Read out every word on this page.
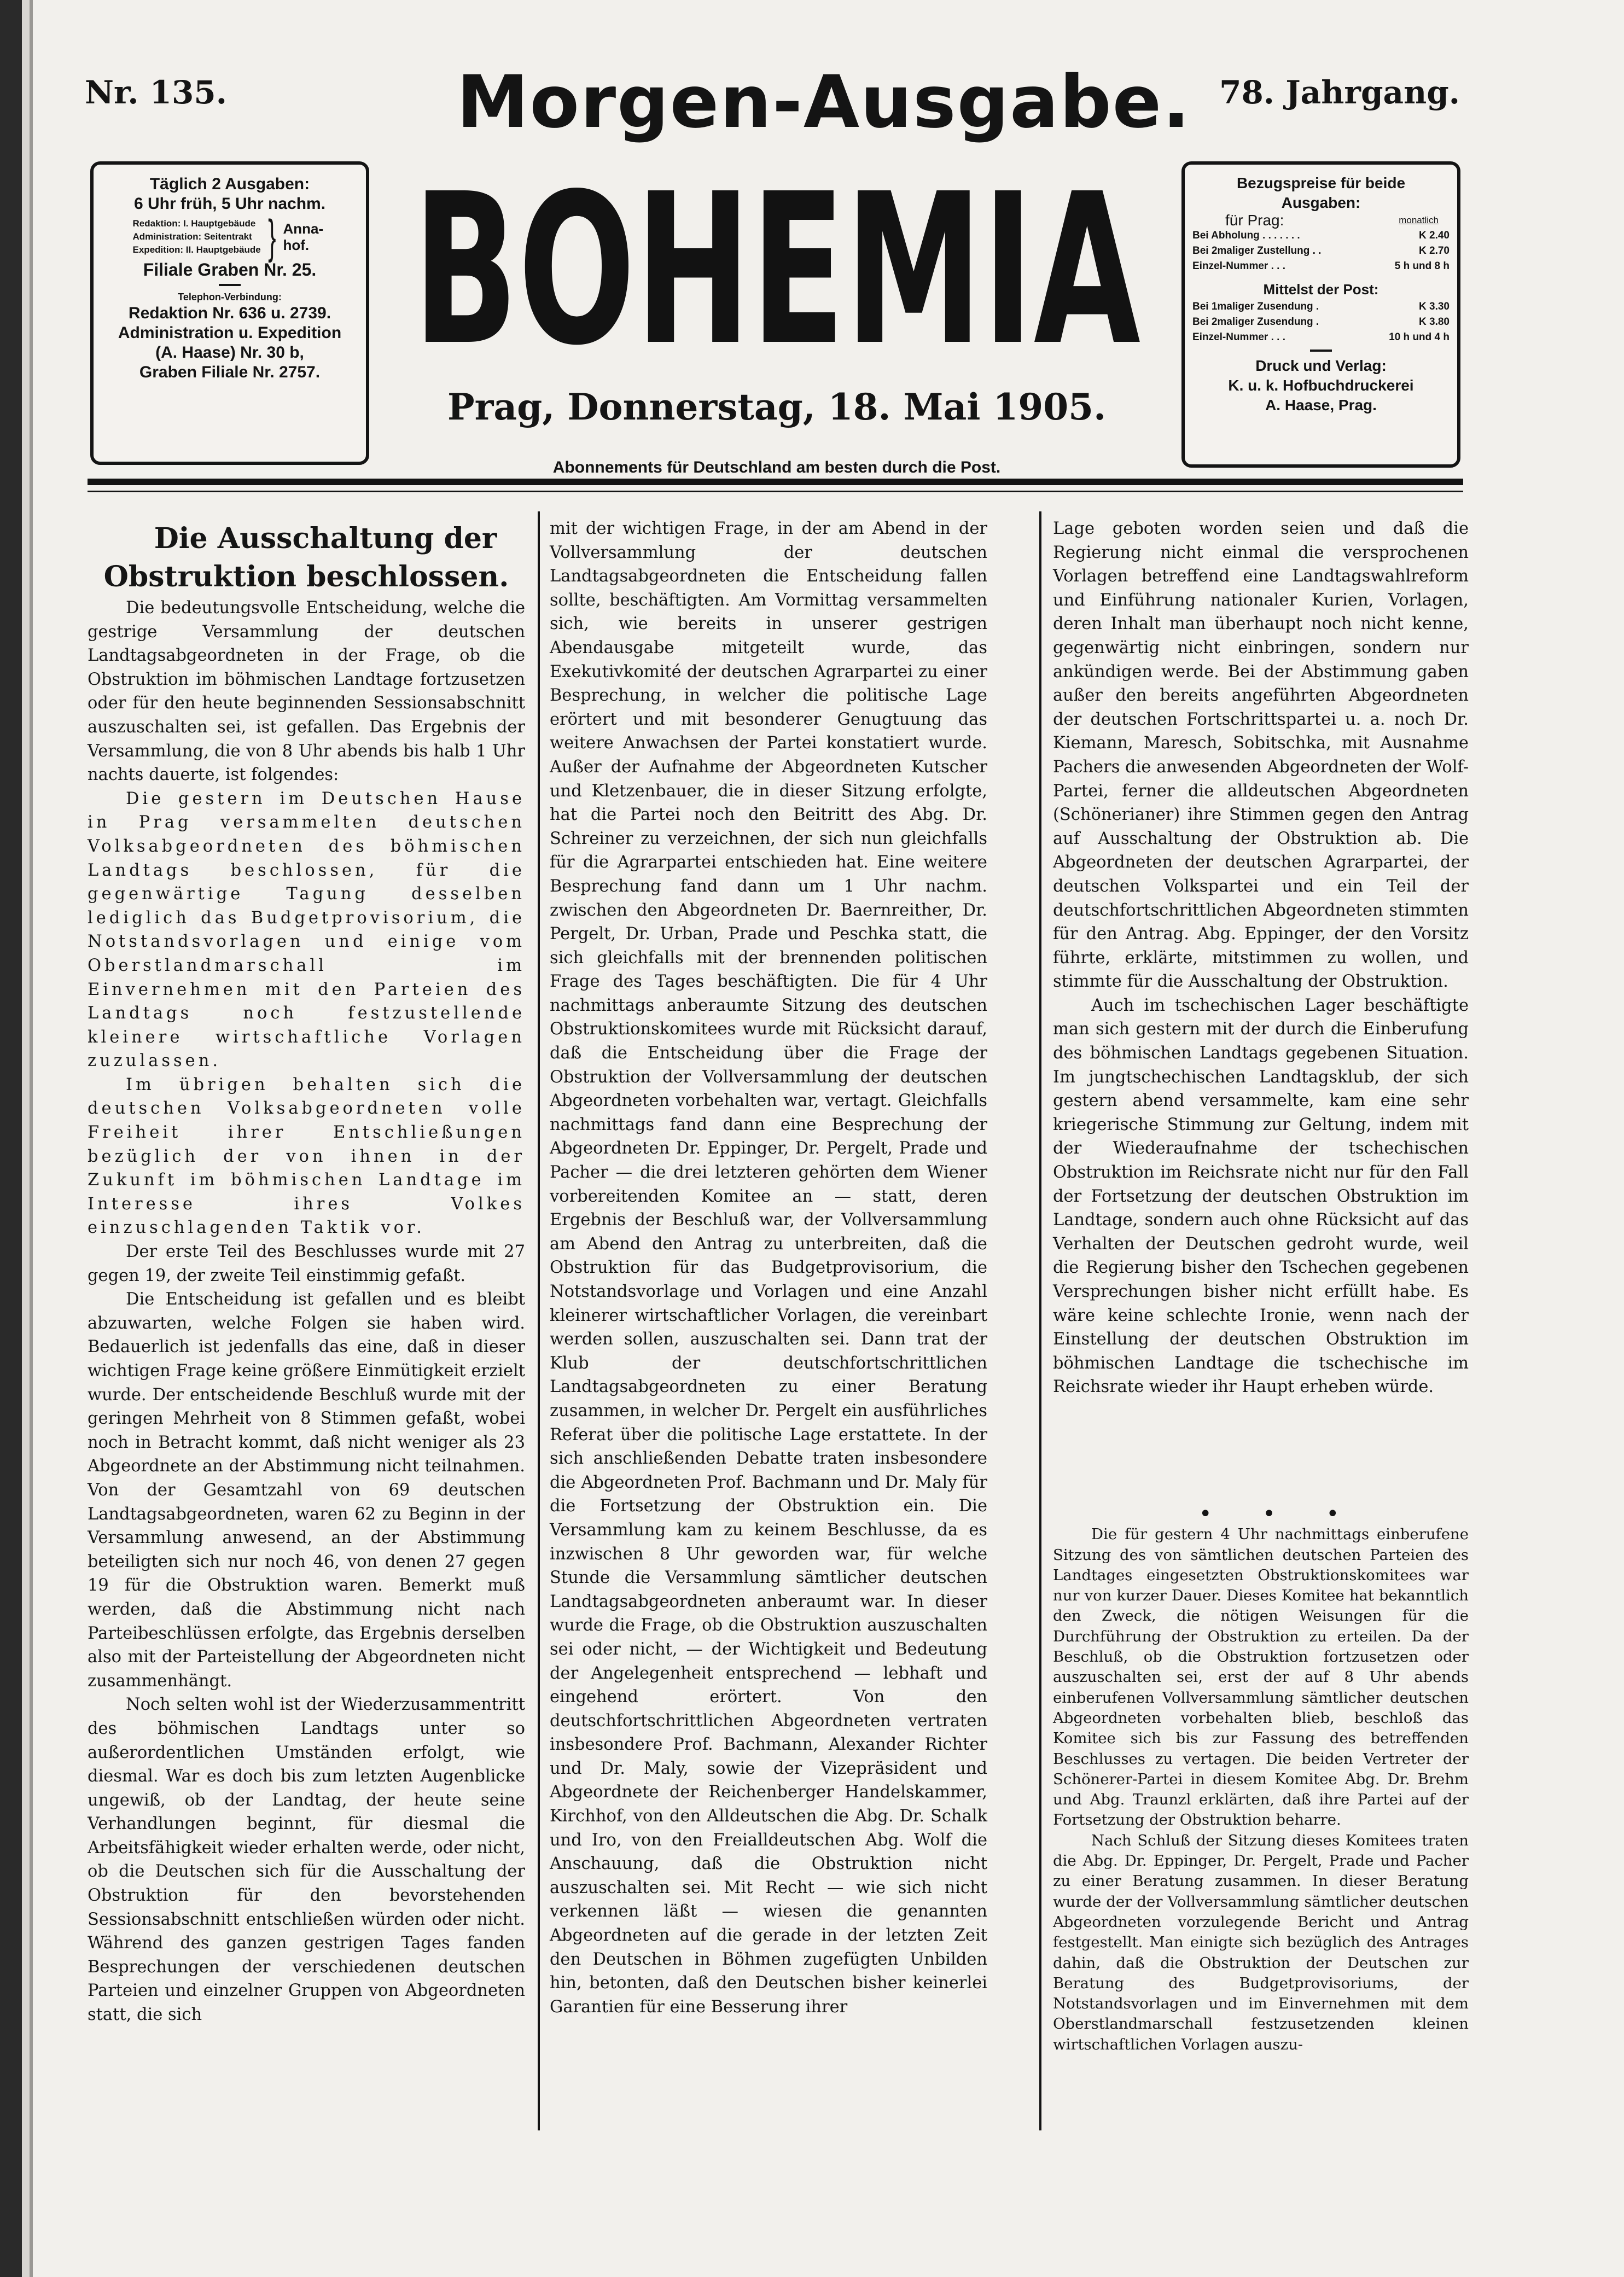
Nr. 135.	Morgen-Ausgabe. 78. Jahrgang.
Täglich 2 Ausgaben:
6 Uhr früh, 5 Uhr nachm.
Redaktion: I. Hauptgebäude
Administration: Seitentrakt
Expedition: II. Hauptgebäude } Anna-hof.
Filiale Graben Nr. 25.
Telephon-Verbindung:
Redaktion Nr. 636 u. 2739.
Administration u. Expedition
(A. Haase) Nr. 30 b,
Graben Filiale Nr. 2757. BOHEMIA
Prag, Donnerstag, 18. Mai 1905.
Bezugspreise für beide
Ausgaben:
für Prag:	monatlich
Bei Abholung . . . . . . .	K 2.40
Bei 2maliger Zustellung . .	K 2.70
Einzel-Nummer . . .	5 h und 8 h
Mittelst der Post:
Bei 1maliger Zusendung .	K 3.30
Bei 2maliger Zusendung .	K 3.80
Einzel-Nummer . . .	10 h und 4 h
Druck und Verlag:
K. u. k. Hofbuchdruckerei
A. Haase, Prag.
Abonnements für Deutschland am besten durch die Post.

Die Ausschaltung der Obstruktion beschlossen.

Die bedeutungsvolle Entscheidung, welche die gestrige Versammlung der deutschen Landtagsabgeordneten in der Frage, ob die Obstruktion im böhmischen Landtage fortzusetzen oder für den heute beginnenden Sessionsabschnitt auszuschalten sei, ist gefallen. Das Ergebnis der Versammlung, die von 8 Uhr abends bis halb 1 Uhr nachts dauerte, ist folgendes:

Die gestern im Deutschen Hause in Prag versammelten deutschen Volksabgeordneten des böhmischen Landtags beschlossen, für die gegenwärtige Tagung desselben lediglich das Budgetprovisorium, die Notstandsvorlagen und einige vom Oberstlandmarschall im Einvernehmen mit den Parteien des Landtags noch festzustellende kleinere wirtschaftliche Vorlagen zuzulassen.

Im übrigen behalten sich die deutschen Volksabgeordneten volle Freiheit ihrer Entschließungen bezüglich der von ihnen in der Zukunft im böhmischen Landtage im Interesse ihres Volkes einzuschlagenden Taktik vor.

Der erste Teil des Beschlusses wurde mit 27 gegen 19, der zweite Teil einstimmig gefaßt.

Die Entscheidung ist gefallen und es bleibt abzuwarten, welche Folgen sie haben wird. Bedauerlich ist jedenfalls das eine, daß in dieser wichtigen Frage keine größere Einmütigkeit erzielt wurde. Der entscheidende Beschluß wurde mit der geringen Mehrheit von 8 Stimmen gefaßt, wobei noch in Betracht kommt, daß nicht weniger als 23 Abgeordnete an der Abstimmung nicht teilnahmen. Von der Gesamtzahl von 69 deutschen Landtagsabgeordneten, waren 62 zu Beginn in der Versammlung anwesend, an der Abstimmung beteiligten sich nur noch 46, von denen 27 gegen 19 für die Obstruktion waren. Bemerkt muß werden, daß die Abstimmung nicht nach Parteibeschlüssen erfolgte, das Ergebnis derselben also mit der Parteistellung der Abgeordneten nicht zusammenhängt.

Noch selten wohl ist der Wiederzusammentritt des böhmischen Landtags unter so außerordentlichen Umständen erfolgt, wie diesmal. War es doch bis zum letzten Augenblicke ungewiß, ob der Landtag, der heute seine Verhandlungen beginnt, für diesmal die Arbeitsfähigkeit wieder erhalten werde, oder nicht, ob die Deutschen sich für die Ausschaltung der Obstruktion für den bevorstehenden Sessionsabschnitt entschließen würden oder nicht. Während des ganzen gestrigen Tages fanden Besprechungen der verschiedenen deutschen Parteien und einzelner Gruppen von Abgeordneten statt, die sich

mit der wichtigen Frage, in der am Abend in der Vollversammlung der deutschen Landtagsabgeordneten die Entscheidung fallen sollte, beschäftigten. Am Vormittag versammelten sich, wie bereits in unserer gestrigen Abendausgabe mitgeteilt wurde, das Exekutivkomité der deutschen Agrarpartei zu einer Besprechung, in welcher die politische Lage erörtert und mit besonderer Genugtuung das weitere Anwachsen der Partei konstatiert wurde. Außer der Aufnahme der Abgeordneten Kutscher und Kletzenbauer, die in dieser Sitzung erfolgte, hat die Partei noch den Beitritt des Abg. Dr. Schreiner zu verzeichnen, der sich nun gleichfalls für die Agrarpartei entschieden hat. Eine weitere Besprechung fand dann um 1 Uhr nachm. zwischen den Abgeordneten Dr. Baernreither, Dr. Pergelt, Dr. Urban, Prade und Peschka statt, die sich gleichfalls mit der brennenden politischen Frage des Tages beschäftigten. Die für 4 Uhr nachmittags anberaumte Sitzung des deutschen Obstruktionskomitees wurde mit Rücksicht darauf, daß die Entscheidung über die Frage der Obstruktion der Vollversammlung der deutschen Abgeordneten vorbehalten war, vertagt. Gleichfalls nachmittags fand dann eine Besprechung der Abgeordneten Dr. Eppinger, Dr. Pergelt, Prade und Pacher — die drei letzteren gehörten dem Wiener vorbereitenden Komitee an — statt, deren Ergebnis der Beschluß war, der Vollversammlung am Abend den Antrag zu unterbreiten, daß die Obstruktion für das Budgetprovisorium, die Notstandsvorlage und Vorlagen und eine Anzahl kleinerer wirtschaftlicher Vorlagen, die vereinbart werden sollen, auszuschalten sei. Dann trat der Klub der deutschfortschrittlichen Landtagsabgeordneten zu einer Beratung zusammen, in welcher Dr. Pergelt ein ausführliches Referat über die politische Lage erstattete. In der sich anschließenden Debatte traten insbesondere die Abgeordneten Prof. Bachmann und Dr. Maly für die Fortsetzung der Obstruktion ein. Die Versammlung kam zu keinem Beschlusse, da es inzwischen 8 Uhr geworden war, für welche Stunde die Versammlung sämtlicher deutschen Landtagsabgeordneten anberaumt war. In dieser wurde die Frage, ob die Obstruktion auszuschalten sei oder nicht, — der Wichtigkeit und Bedeutung der Angelegenheit entsprechend — lebhaft und eingehend erörtert. Von den deutschfortschrittlichen Abgeordneten vertraten insbesondere Prof. Bachmann, Alexander Richter und Dr. Maly, sowie der Vizepräsident und Abgeordnete der Reichenberger Handelskammer, Kirchhof, von den Alldeutschen die Abg. Dr. Schalk und Iro, von den Freialldeutschen Abg. Wolf die Anschauung, daß die Obstruktion nicht auszuschalten sei. Mit Recht — wie sich nicht verkennen läßt — wiesen die genannten Abgeordneten auf die gerade in der letzten Zeit den Deutschen in Böhmen zugefügten Unbilden hin, betonten, daß den Deutschen bisher keinerlei Garantien für eine Besserung ihrer

Lage geboten worden seien und daß die Regierung nicht einmal die versprochenen Vorlagen betreffend eine Landtagswahlreform und Einführung nationaler Kurien, Vorlagen, deren Inhalt man überhaupt noch nicht kenne, gegenwärtig nicht einbringen, sondern nur ankündigen werde. Bei der Abstimmung gaben außer den bereits angeführten Abgeordneten der deutschen Fortschrittspartei u. a. noch Dr. Kiemann, Maresch, Sobitschka, mit Ausnahme Pachers die anwesenden Abgeordneten der Wolf-Partei, ferner die alldeutschen Abgeordneten (Schönerianer) ihre Stimmen gegen den Antrag auf Ausschaltung der Obstruktion ab. Die Abgeordneten der deutschen Agrarpartei, der deutschen Volkspartei und ein Teil der deutschfortschrittlichen Abgeordneten stimmten für den Antrag. Abg. Eppinger, der den Vorsitz führte, erklärte, mitstimmen zu wollen, und stimmte für die Ausschaltung der Obstruktion.

Auch im tschechischen Lager beschäftigte man sich gestern mit der durch die Einberufung des böhmischen Landtags gegebenen Situation. Im jungtschechischen Landtagsklub, der sich gestern abend versammelte, kam eine sehr kriegerische Stimmung zur Geltung, indem mit der Wiederaufnahme der tschechischen Obstruktion im Reichsrate nicht nur für den Fall der Fortsetzung der deutschen Obstruktion im Landtage, sondern auch ohne Rücksicht auf das Verhalten der Deutschen gedroht wurde, weil die Regierung bisher den Tschechen gegebenen Versprechungen bisher nicht erfüllt habe. Es wäre keine schlechte Ironie, wenn nach der Einstellung der deutschen Obstruktion im böhmischen Landtage die tschechische im Reichsrate wieder ihr Haupt erheben würde.

• • •

Die für gestern 4 Uhr nachmittags einberufene Sitzung des von sämtlichen deutschen Parteien des Landtages eingesetzten Obstruktionskomitees war nur von kurzer Dauer. Dieses Komitee hat bekanntlich den Zweck, die nötigen Weisungen für die Durchführung der Obstruktion zu erteilen. Da der Beschluß, ob die Obstruktion fortzusetzen oder auszuschalten sei, erst der auf 8 Uhr abends einberufenen Vollversammlung sämtlicher deutschen Abgeordneten vorbehalten blieb, beschloß das Komitee sich bis zur Fassung des betreffenden Beschlusses zu vertagen. Die beiden Vertreter der Schönerer-Partei in diesem Komitee Abg. Dr. Brehm und Abg. Traunzl erklärten, daß ihre Partei auf der Fortsetzung der Obstruktion beharre.

Nach Schluß der Sitzung dieses Komitees traten die Abg. Dr. Eppinger, Dr. Pergelt, Prade und Pacher zu einer Beratung zusammen. In dieser Beratung wurde der der Vollversammlung sämtlicher deutschen Abgeordneten vorzulegende Bericht und Antrag festgestellt. Man einigte sich bezüglich des Antrages dahin, daß die Obstruktion der Deutschen zur Beratung des Budgetprovisoriums, der Notstandsvorlagen und im Einvernehmen mit dem Oberstlandmarschall festzusetzenden kleinen wirtschaftlichen Vorlagen auszu-
